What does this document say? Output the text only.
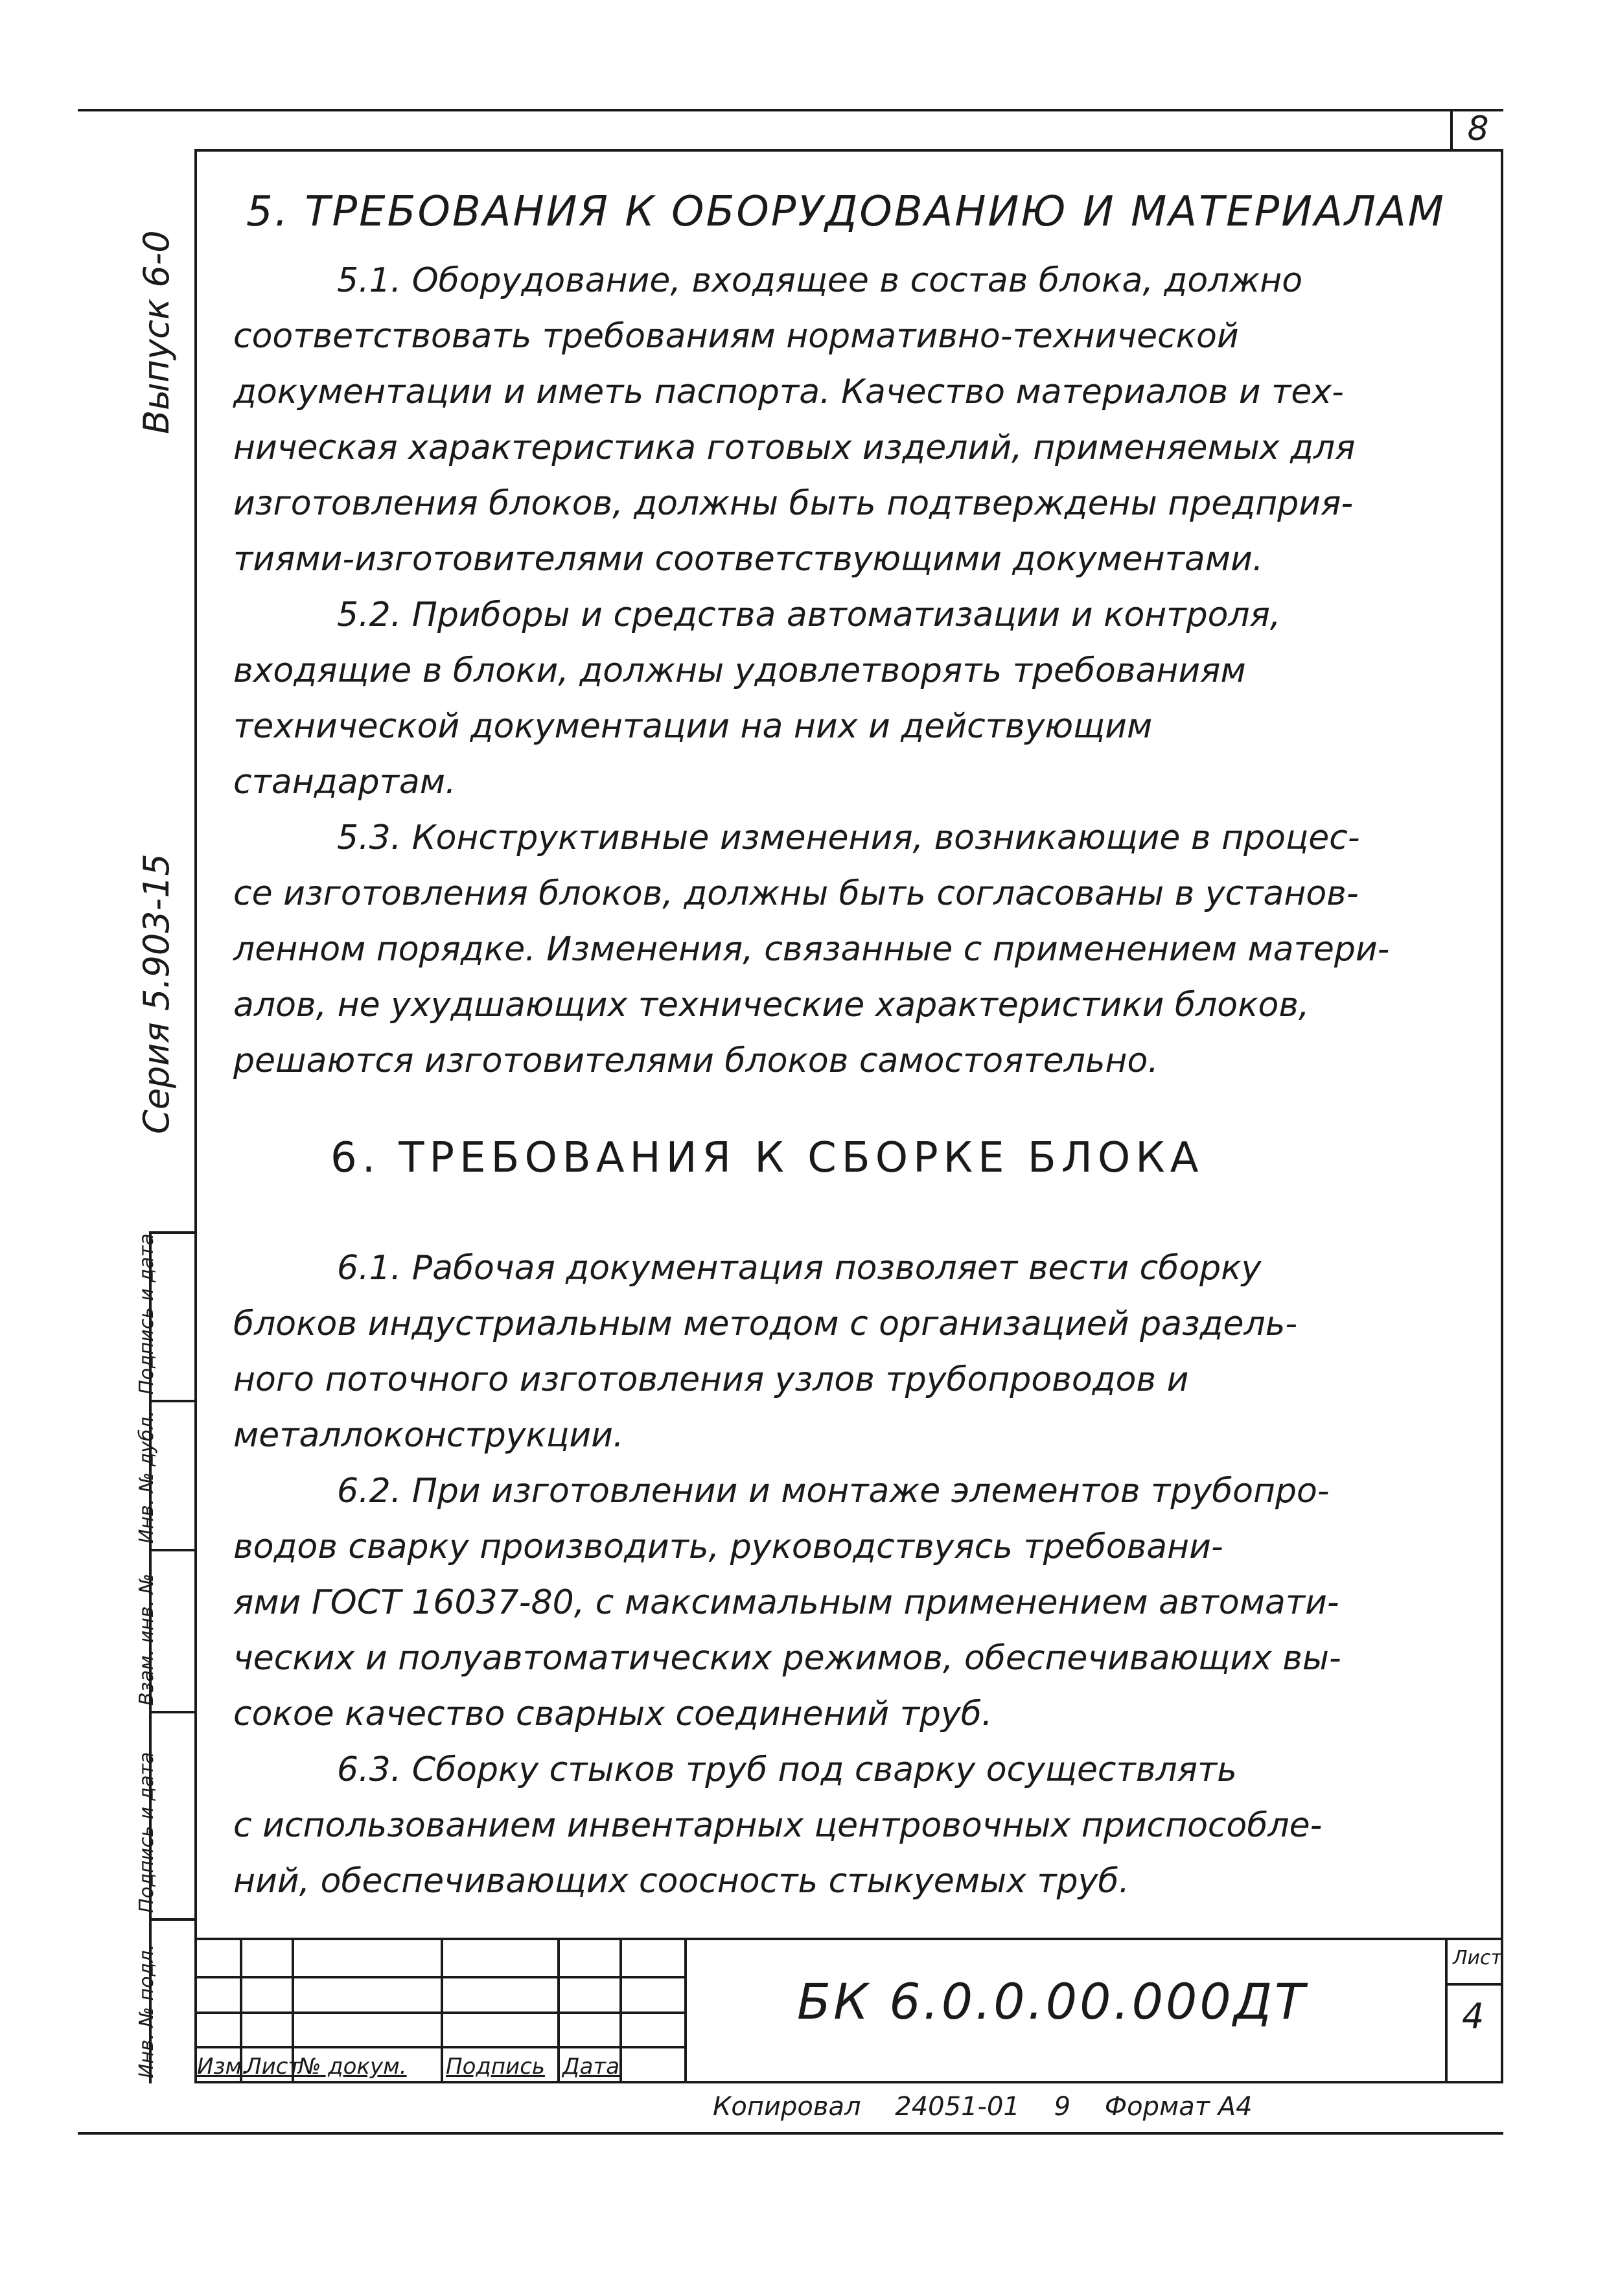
8
Выпуск 6-0
Серия 5.903-15
Подпись и дата
Инв. № дубл.
Взам. инв. №
Подпись и дата
Инв. № подл.
5. ТРЕБОВАНИЯ К ОБОРУДОВАНИЮ И МАТЕРИАЛАМ

5.1. Оборудование, входящее в состав блока, должно
соответствовать требованиям нормативно-технической
документации и иметь паспорта. Качество материалов и тех-
ническая характеристика готовых изделий, применяемых для
изготовления блоков, должны быть подтверждены предприя-
тиями-изготовителями соответствующими документами.

5.2. Приборы и средства автоматизации и контроля,
входящие в блоки, должны удовлетворять требованиям
технической документации на них и действующим
стандартам.

5.3. Конструктивные изменения, возникающие в процес-
се изготовления блоков, должны быть согласованы в установ-
ленном порядке. Изменения, связанные с применением матери-
алов, не ухудшающих технические характеристики блоков,
решаются изготовителями блоков самостоятельно.

6. ТРЕБОВАНИЯ К СБОРКЕ БЛОКА

6.1. Рабочая документация позволяет вести сборку
блоков индустриальным методом с организацией раздель-
ного поточного изготовления узлов трубопроводов и
металлоконструкции.

6.2. При изготовлении и монтаже элементов трубопро-
водов сварку производить, руководствуясь требовани-
ями ГОСТ 16037-80, с максимальным применением автомати-
ческих и полуавтоматических режимов, обеспечивающих вы-
сокое качество сварных соединений труб.

6.3. Сборку стыков труб под сварку осуществлять
с использованием инвентарных центровочных приспособле-
ний, обеспечивающих соосность стыкуемых труб.

Изм.
Лист
№ докум. Подпись Дата
БК 6.0.0.00.000ДТ
Лист
4
Копировал 24051-01 9 Формат А4
